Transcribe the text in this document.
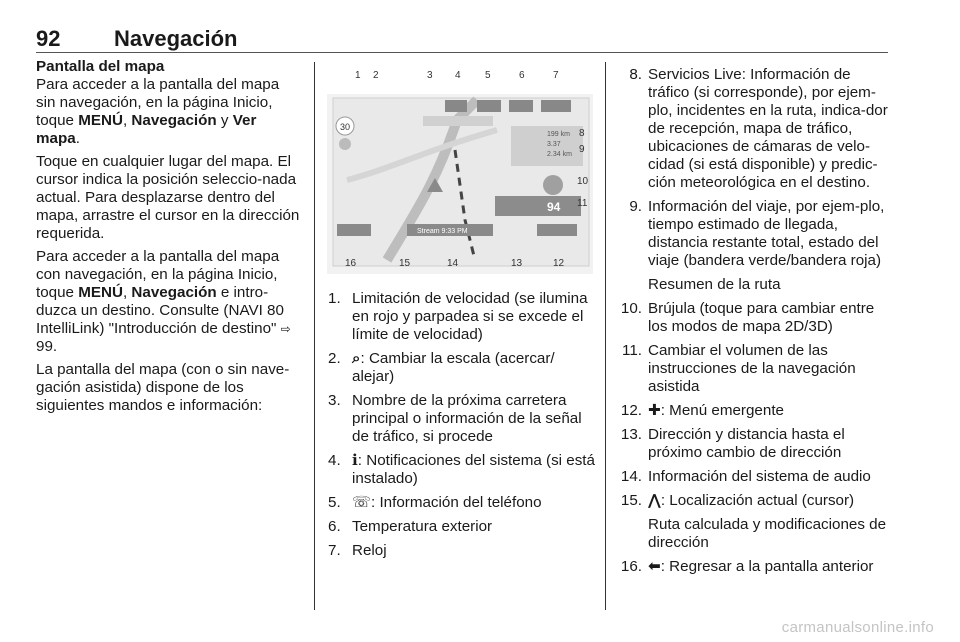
92 Navegación

Pantalla del mapa
Para acceder a la pantalla del mapa sin navegación, en la página Inicio, toque MENÚ, Navegación y Ver mapa.

Toque en cualquier lugar del mapa. El cursor indica la posición seleccio-nada actual. Para desplazarse dentro del mapa, arrastre el cursor en la dirección requerida.

Para acceder a la pantalla del mapa con navegación, en la página Inicio, toque MENÚ, Navegación e intro-duzca un destino. Consulte (NAVI 80 IntelliLink) "Introducción de destino" ⇨ 99.

La pantalla del mapa (con o sin nave-gación asistida) dispone de los siguientes mandos e información:

30
199 km
3.37
2.34 km
94
Stream 9:33 PM
1 2	3 4 5	6	7
8
9
10
11
16	15	14	13	12
1. Limitación de velocidad (se ilumina en rojo y parpadea si se excede el límite de velocidad)
2. ⌕: Cambiar la escala (acercar/ alejar)
3. Nombre de la próxima carretera principal o información de la señal de tráfico, si procede
4. ℹ: Notificaciones del sistema (si está instalado)
5. ☏: Información del teléfono
6. Temperatura exterior
7. Reloj
8. Servicios Live: Información de tráfico (si corresponde), por ejem-plo, incidentes en la ruta, indica-dor de recepción, mapa de tráfico, ubicaciones de cámaras de velo-cidad (si está disponible) y predic-ción meteorológica en el destino.
9. Información del viaje, por ejem-plo, tiempo estimado de llegada, distancia restante total, estado del viaje (bandera verde/bandera roja)
Resumen de la ruta
10. Brújula (toque para cambiar entre los modos de mapa 2D/3D)
11. Cambiar el volumen de las instrucciones de la navegación asistida
12. ✚: Menú emergente
13. Dirección y distancia hasta el próximo cambio de dirección
14. Información del sistema de audio
15. ⋀: Localización actual (cursor)
Ruta calculada y modificaciones de dirección
16. ⬅: Regresar a la pantalla anterior
carmanualsonline.info
